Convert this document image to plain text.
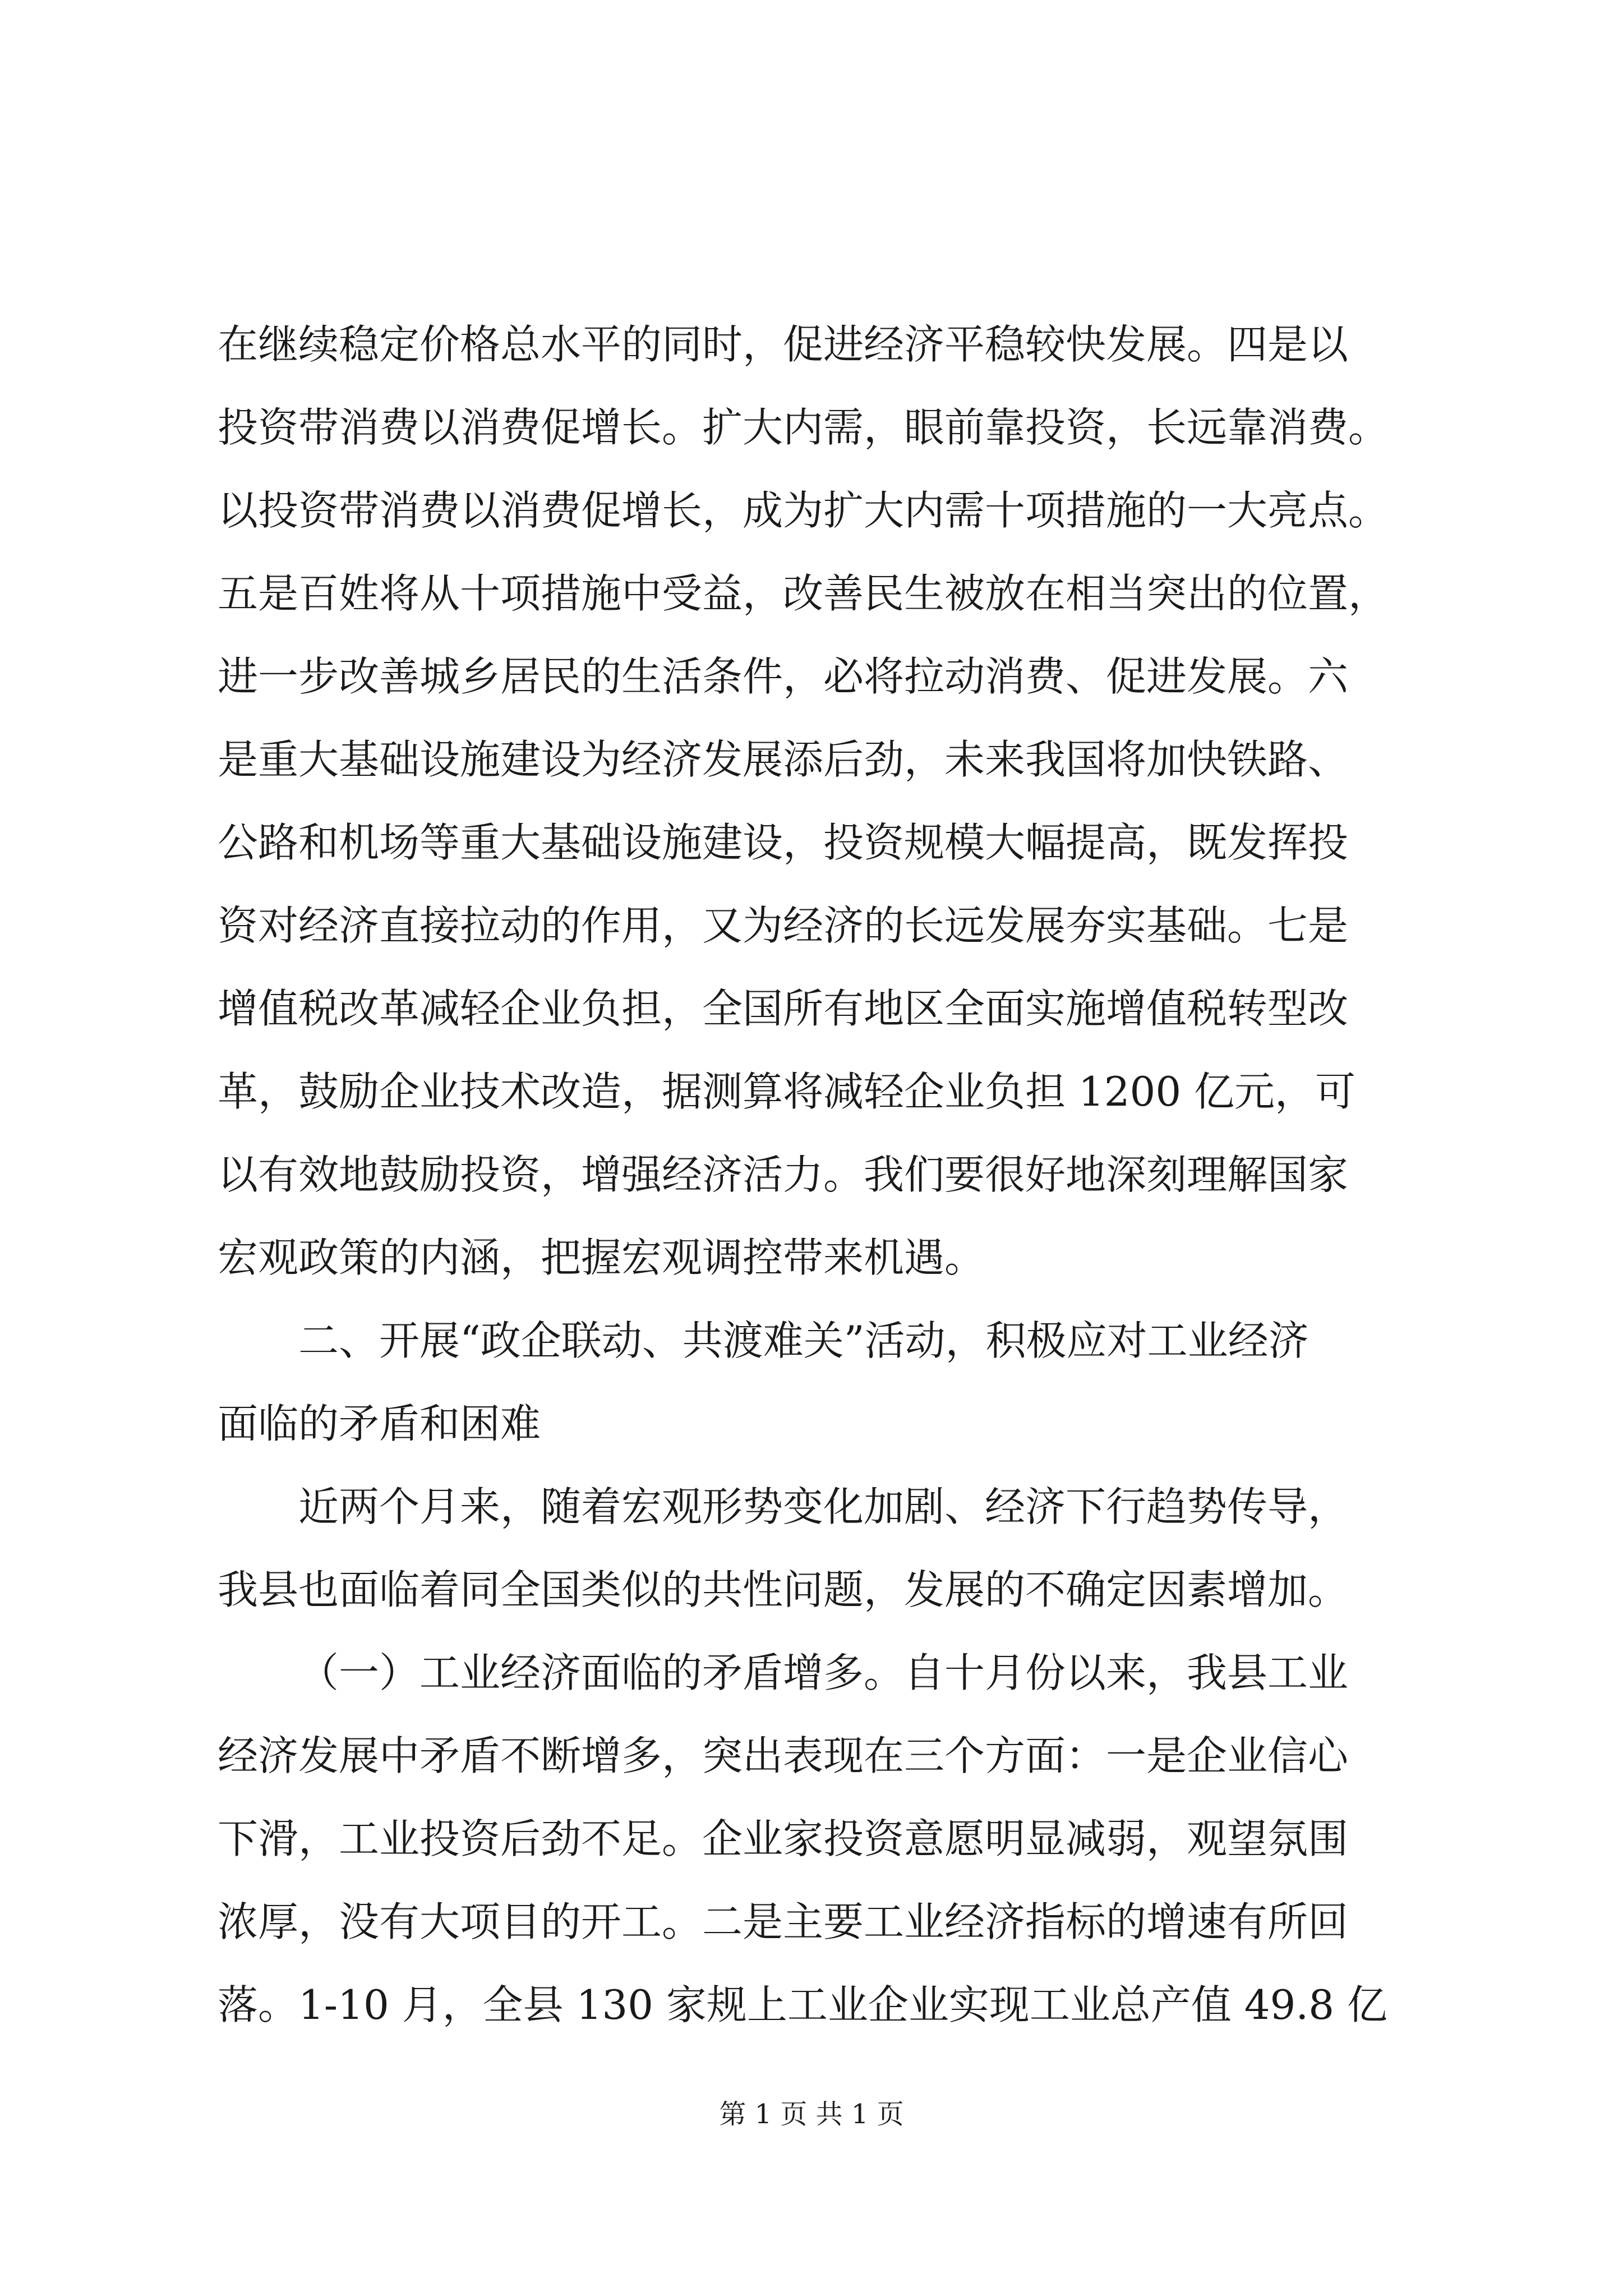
在继续稳定价格总水平的同时，促进经济平稳较快发展。四是以
投资带消费以消费促增长。扩大内需，眼前靠投资，长远靠消费。
以投资带消费以消费促增长，成为扩大内需十项措施的一大亮点。
五是百姓将从十项措施中受益，改善民生被放在相当突出的位置，
进一步改善城乡居民的生活条件，必将拉动消费、促进发展。六
是重大基础设施建设为经济发展添后劲，未来我国将加快铁路、
公路和机场等重大基础设施建设，投资规模大幅提高，既发挥投
资对经济直接拉动的作用，又为经济的长远发展夯实基础。七是
增值税改革减轻企业负担，全国所有地区全面实施增值税转型改
革，鼓励企业技术改造，据测算将减轻企业负担 1200 亿元，可
以有效地鼓励投资，增强经济活力。我们要很好地深刻理解国家
宏观政策的内涵，把握宏观调控带来机遇。
二、开展“政企联动、共渡难关”活动，积极应对工业经济
面临的矛盾和困难
近两个月来，随着宏观形势变化加剧、经济下行趋势传导，
我县也面临着同全国类似的共性问题，发展的不确定因素增加。
（一）工业经济面临的矛盾增多。自十月份以来，我县工业
经济发展中矛盾不断增多，突出表现在三个方面：一是企业信心
下滑，工业投资后劲不足。企业家投资意愿明显减弱，观望氛围
浓厚，没有大项目的开工。二是主要工业经济指标的增速有所回
落。1-10 月，全县 130 家规上工业企业实现工业总产值 49.8 亿
第 1 页 共 1 页
